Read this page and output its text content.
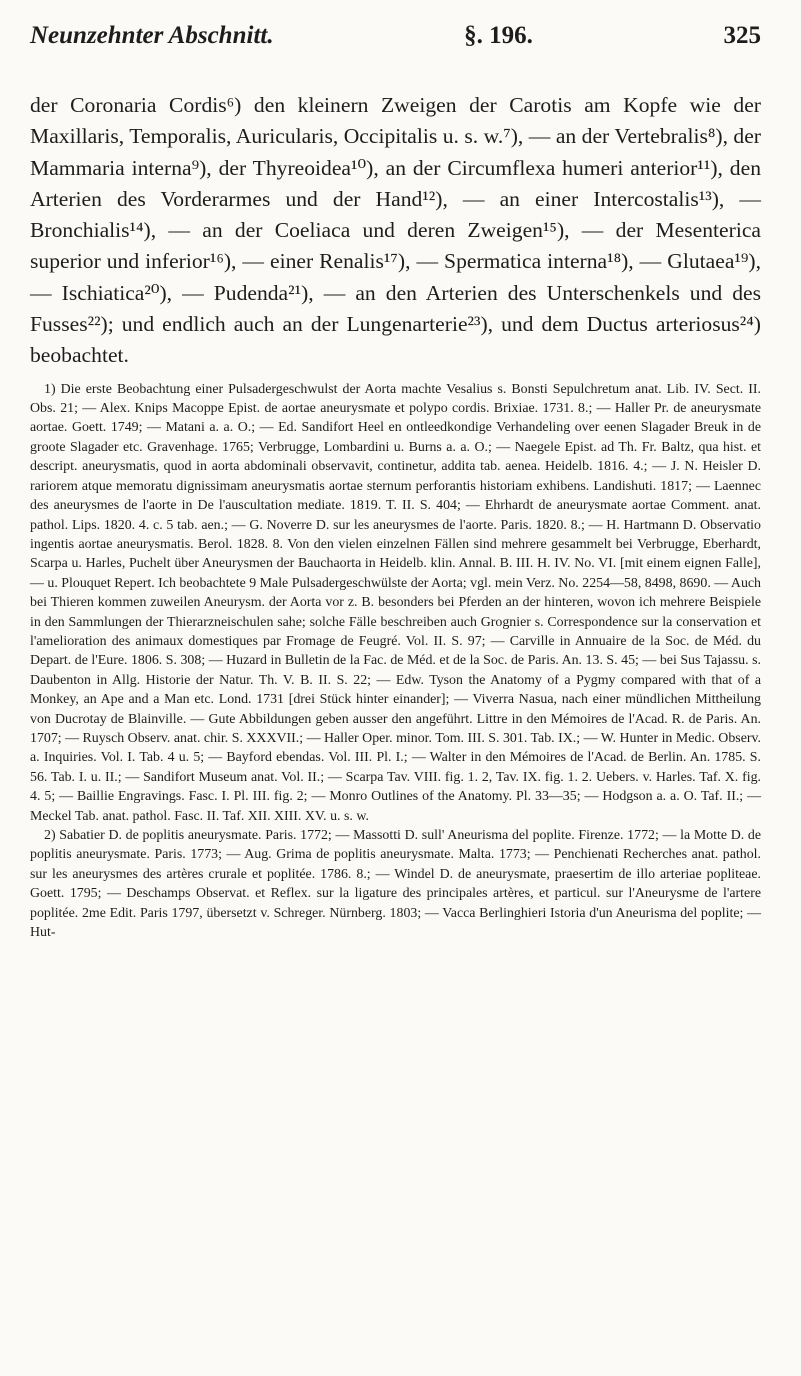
Neunzehnter Abschnitt.	§. 196.	325

der Coronaria Cordis⁶) den kleinern Zweigen der Carotis am Kopfe wie der Maxillaris, Temporalis, Auricularis, Occipitalis u. s. w.⁷), — an der Vertebralis⁸), der Mammaria interna⁹), der Thyreoidea¹⁰), an der Circumflexa humeri anterior¹¹), den Arterien des Vorderarmes und der Hand¹²), — an einer Intercostalis¹³), — Bronchialis¹⁴), — an der Coeliaca und deren Zweigen¹⁵), — der Mesenterica superior und inferior¹⁶), — einer Renalis¹⁷), — Spermatica interna¹⁸), — Glutaea¹⁹), — Ischiatica²⁰), — Pudenda²¹), — an den Arterien des Unterschenkels und des Fusses²²); und endlich auch an der Lungenarterie²³), und dem Ductus arteriosus²⁴) beobachtet.

1) Die erste Beobachtung einer Pulsadergeschwulst der Aorta machte Vesalius s. Bonsti Sepulchretum anat. Lib. IV. Sect. II. Obs. 21; — Alex. Knips Macoppe Epist. de aortae aneurysmate et polypo cordis. Brixiae. 1731. 8.; — Haller Pr. de aneurysmate aortae. Goett. 1749; — Matani a. a. O.; — Ed. Sandifort Heel en ontleedkondige Verhandeling over eenen Slagader Breuk in de groote Slagader etc. Gravenhage. 1765; Verbrugge, Lombardini u. Burns a. a. O.; — Naegele Epist. ad Th. Fr. Baltz, qua hist. et descript. aneurysmatis, quod in aorta abdominali observavit, continetur, addita tab. aenea. Heidelb. 1816. 4.; — J. N. Heisler D. rariorem atque memoratu dignissimam aneurysmatis aortae sternum perforantis historiam exhibens. Landishuti. 1817; — Laennec des aneurysmes de l'aorte in De l'auscultation mediate. 1819. T. II. S. 404; — Ehrhardt de aneurysmate aortae Comment. anat. pathol. Lips. 1820. 4. c. 5 tab. aen.; — G. Noverre D. sur les aneurysmes de l'aorte. Paris. 1820. 8.; — H. Hartmann D. Observatio ingentis aortae aneurysmatis. Berol. 1828. 8. Von den vielen einzelnen Fällen sind mehrere gesammelt bei Verbrugge, Eberhardt, Scarpa u. Harles, Puchelt über Aneurysmen der Bauchaorta in Heidelb. klin. Annal. B. III. H. IV. No. VI. [mit einem eignen Falle], — u. Plouquet Repert. Ich beobachtete 9 Male Pulsadergeschwülste der Aorta; vgl. mein Verz. No. 2254—58, 8498, 8690. — Auch bei Thieren kommen zuweilen Aneurysm. der Aorta vor z. B. besonders bei Pferden an der hinteren, wovon ich mehrere Beispiele in den Sammlungen der Thierarzneischulen sahe; solche Fälle beschreiben auch Grognier s. Correspondence sur la conservation et l'amelioration des animaux domestiques par Fromage de Feugré. Vol. II. S. 97; — Carville in Annuaire de la Soc. de Méd. du Depart. de l'Eure. 1806. S. 308; — Huzard in Bulletin de la Fac. de Méd. et de la Soc. de Paris. An. 13. S. 45; — bei Sus Tajassu. s. Daubenton in Allg. Historie der Natur. Th. V. B. II. S. 22; — Edw. Tyson the Anatomy of a Pygmy compared with that of a Monkey, an Ape and a Man etc. Lond. 1731 [drei Stück hinter einander]; — Viverra Nasua, nach einer mündlichen Mittheilung von Ducrotay de Blainville. — Gute Abbildungen geben ausser den angeführt. Littre in den Mémoires de l'Acad. R. de Paris. An. 1707; — Ruysch Observ. anat. chir. S. XXXVII.; — Haller Oper. minor. Tom. III. S. 301. Tab. IX.; — W. Hunter in Medic. Observ. a. Inquiries. Vol. I. Tab. 4 u. 5; — Bayford ebendas. Vol. III. Pl. I.; — Walter in den Mémoires de l'Acad. de Berlin. An. 1785. S. 56. Tab. I. u. II.; — Sandifort Museum anat. Vol. II.; — Scarpa Tav. VIII. fig. 1. 2, Tav. IX. fig. 1. 2. Uebers. v. Harles. Taf. X. fig. 4. 5; — Baillie Engravings. Fasc. I. Pl. III. fig. 2; — Monro Outlines of the Anatomy. Pl. 33—35; — Hodgson a. a. O. Taf. II.; — Meckel Tab. anat. pathol. Fasc. II. Taf. XII. XIII. XV. u. s. w.

2) Sabatier D. de poplitis aneurysmate. Paris. 1772; — Massotti D. sull' Aneurisma del poplite. Firenze. 1772; — la Motte D. de poplitis aneurysmate. Paris. 1773; — Aug. Grima de poplitis aneurysmate. Malta. 1773; — Penchienati Recherches anat. pathol. sur les aneurysmes des artères crurale et poplitée. 1786. 8.; — Windel D. de aneurysmate, praesertim de illo arteriae popliteae. Goett. 1795; — Deschamps Observat. et Reflex. sur la ligature des principales artères, et particul. sur l'Aneurysme de l'artere poplitée. 2me Edit. Paris 1797, übersetzt v. Schreger. Nürnberg. 1803; — Vacca Berlinghieri Istoria d'un Aneurisma del poplite; — Hut-
